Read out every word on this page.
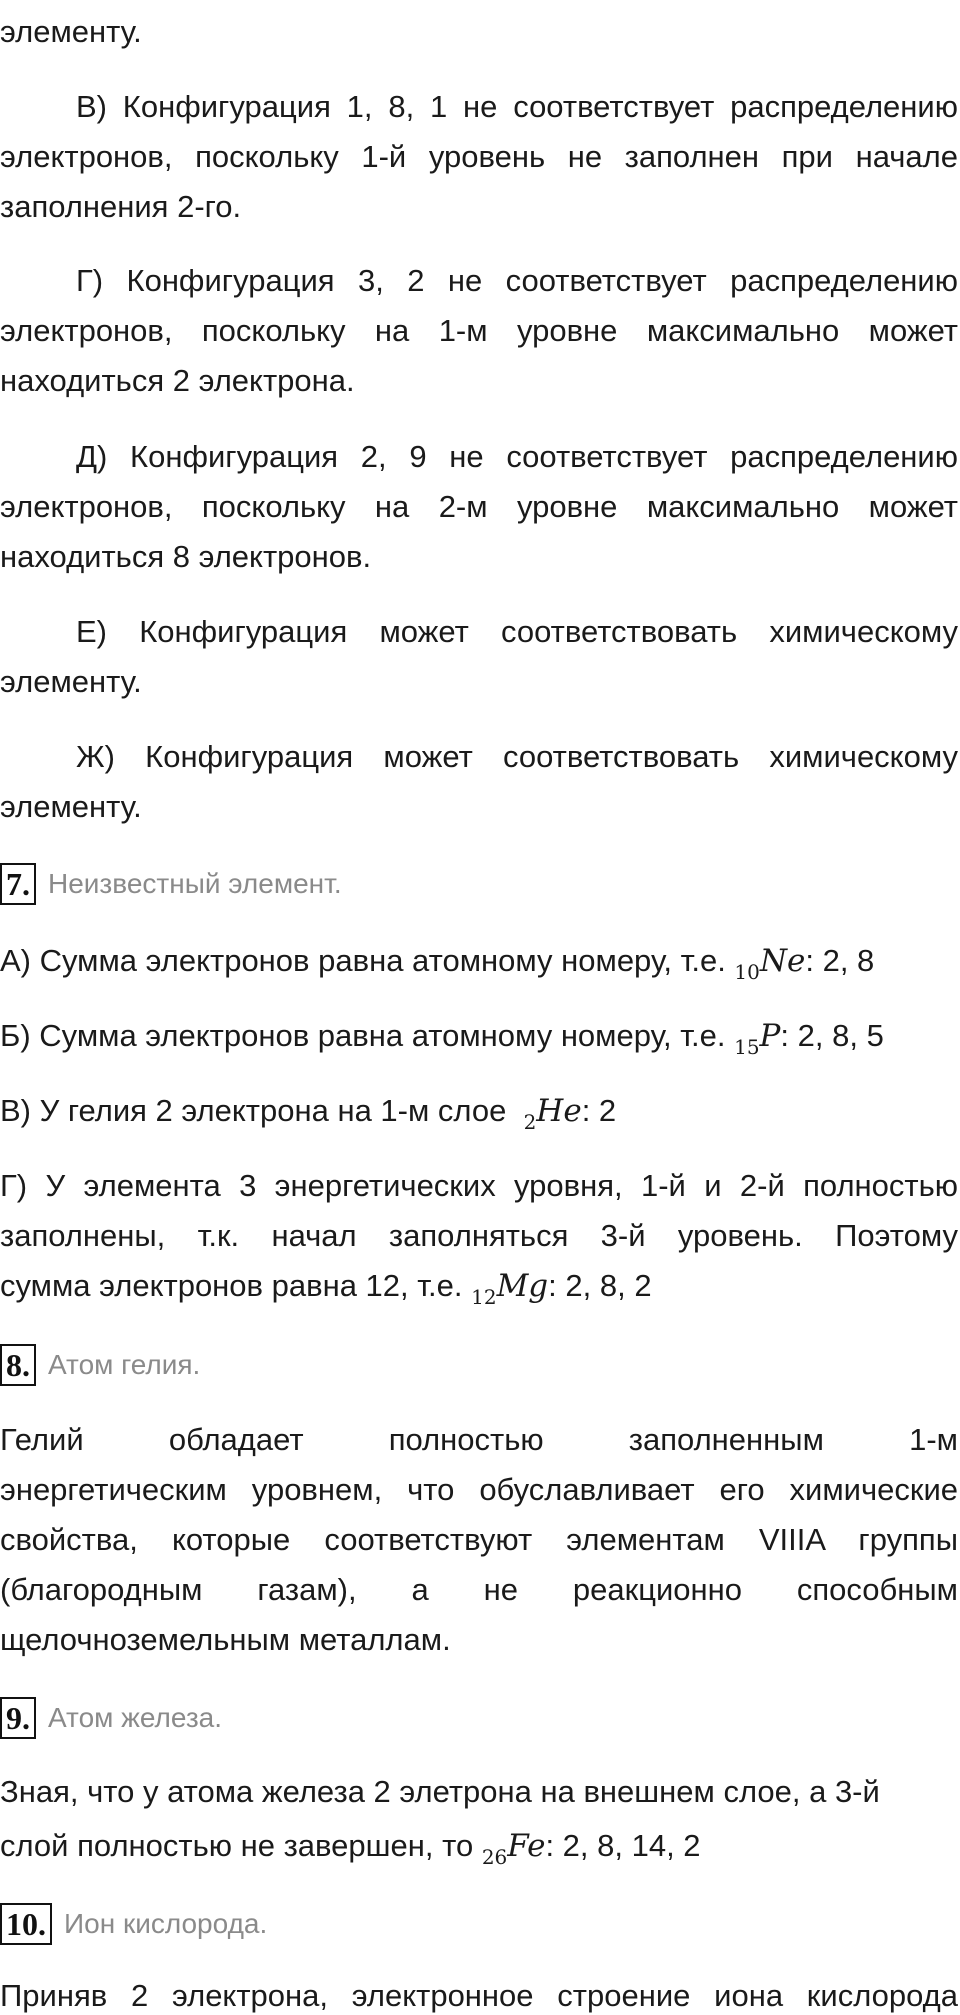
элементу.
В) Конфигурация 1, 8, 1 не соответствует распределению
электронов, поскольку 1-й уровень не заполнен при начале
заполнения 2-го.
Г) Конфигурация 3, 2 не соответствует распределению
электронов, поскольку на 1-м уровне максимально может
находиться 2 электрона.
Д) Конфигурация 2, 9 не соответствует распределению
электронов, поскольку на 2-м уровне максимально может
находиться 8 электронов.
Е) Конфигурация может соответствовать химическому
элементу.
Ж) Конфигурация может соответствовать химическому
элементу.
7. Неизвестный элемент.
А) Сумма электронов равна атомному номеру, т.е. $_{10}$Ne: 2, 8
Б) Сумма электронов равна атомному номеру, т.е. $_{15}$P: 2, 8, 5
В) У гелия 2 электрона на 1-м слое  $_2$He: 2
Г) У элемента 3 энергетических уровня, 1-й и 2-й полностью
заполнены, т.к. начал заполняться 3-й уровень. Поэтому
сумма электронов равна 12, т.е. $_{12}$Mg: 2, 8, 2
8. Атом гелия.
Гелий	обладает	полностью	заполненным	1-м
энергетическим уровнем, что обуславливает его химические
свойства, которые соответствуют элементам VIIIA группы
(благородным газам), а не реакционно способным
щелочноземельным металлам.
9. Атом железа.
Зная, что у атома железа 2 элетрона на внешнем слое, а 3-й
слой полностью не завершен, то $_{26}$Fe: 2, 8, 14, 2
10. Ион кислорода.
Приняв 2 электрона, электронное строение иона кислорода
